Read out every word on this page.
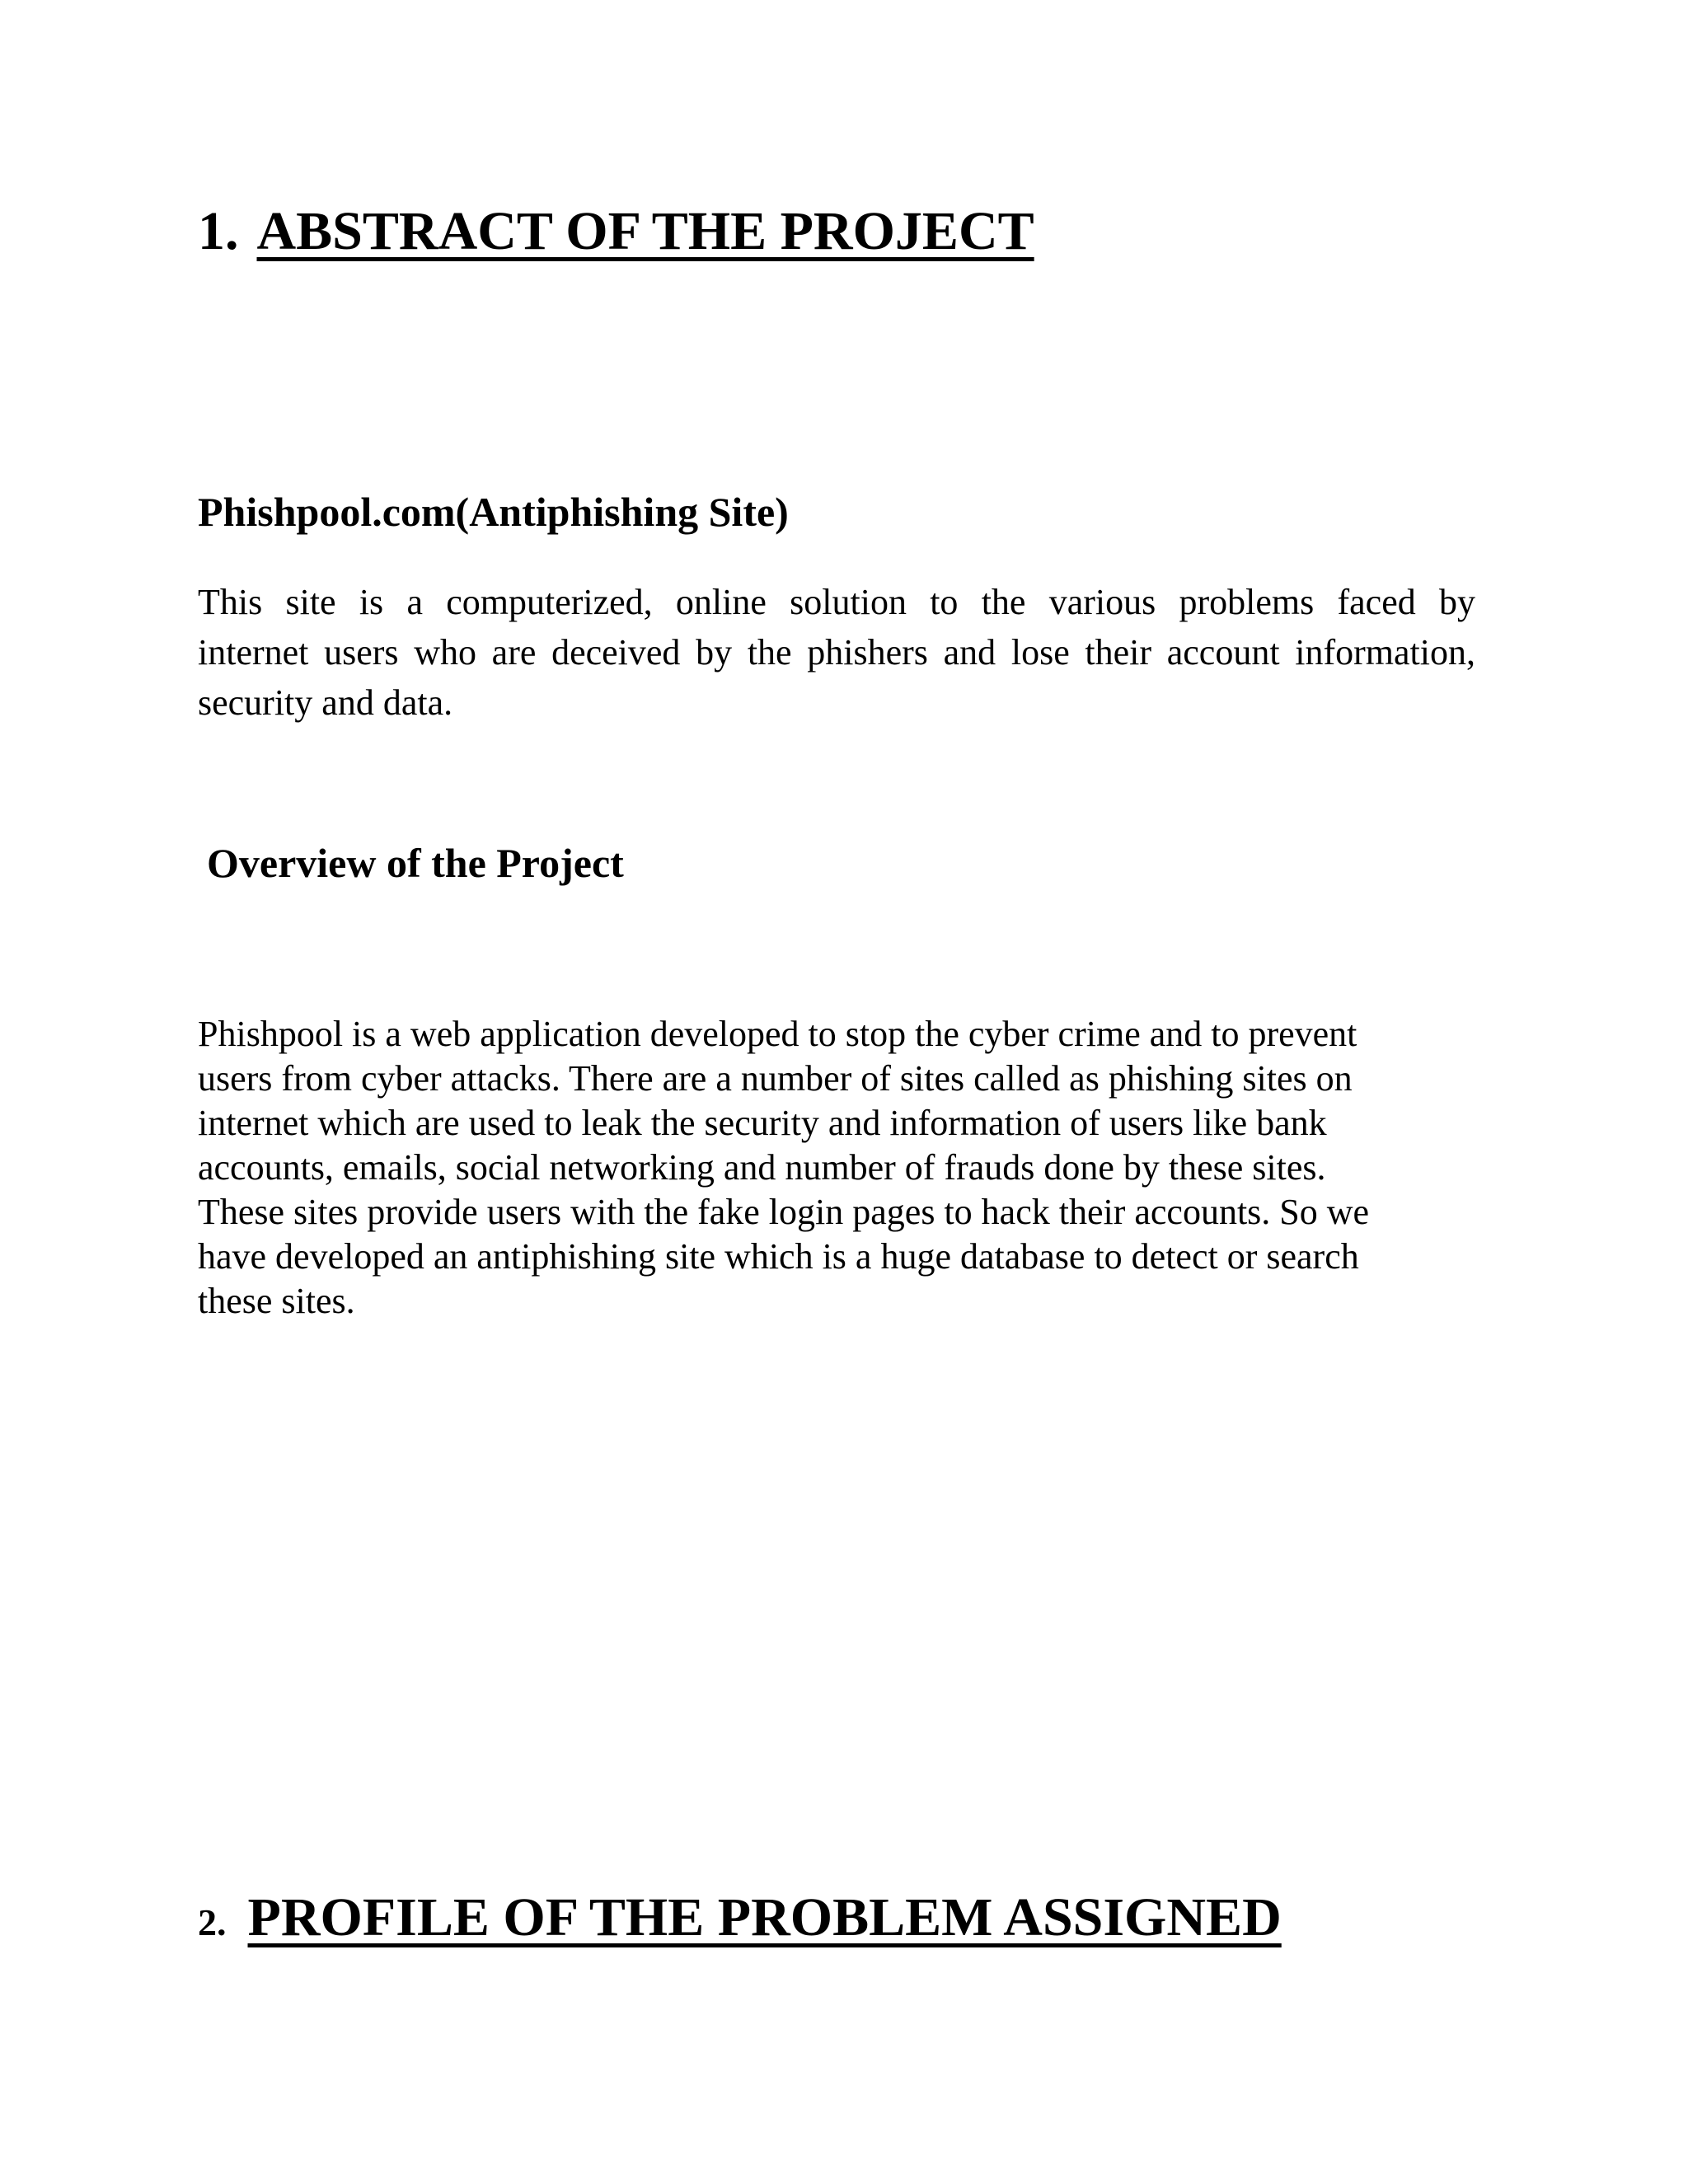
1. ABSTRACT OF THE PROJECT
Phishpool.com(Antiphishing Site)

This site is a computerized, online solution to the various problems faced by
internet users who are deceived by the phishers and lose their account information,
security and data.

Overview of the Project

Phishpool is a web application developed to stop the cyber crime and to prevent
users from cyber attacks. There are a number of sites called as phishing sites on
internet which are used to leak the security and information of users like bank
accounts, emails, social networking and number of frauds done by these sites.
These sites provide users with the fake login pages to hack their accounts. So we
have developed an antiphishing site which is a huge database to detect or search
these sites.

2. PROFILE OF THE PROBLEM ASSIGNED
